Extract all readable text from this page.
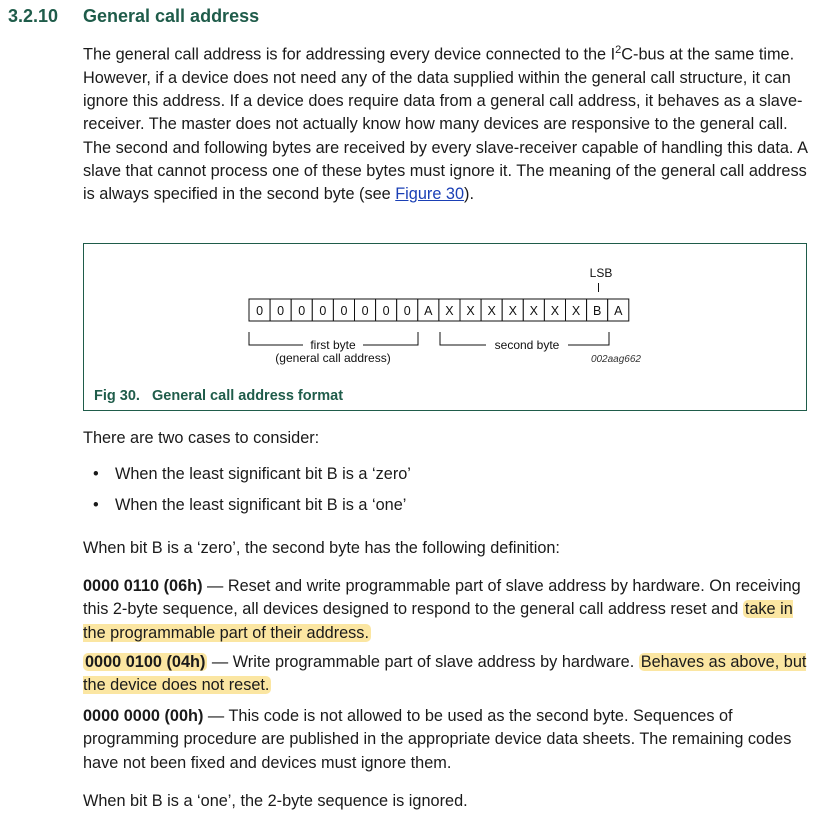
3.2.10 General call address
The general call address is for addressing every device connected to the $I^2C$-bus at the same time. However, if a device does not need any of the data supplied within the general call structure, it can ignore this address. If a device does require data from a general call address, it behaves as a slave-receiver. The master does not actually know how many devices are responsive to the general call. The second and following bytes are received by every slave-receiver capable of handling this data. A slave that cannot process one of these bytes must ignore it. The meaning of the general call address is always specified in the second byte (see Figure 30).
0 0 0 0 0 0 0 0 A X X X X X X X B A
LSB
first byte
(general call address)
second byte
002aag662
Fig 30. General call address format
There are two cases to consider:
• When the least significant bit B is a ‘zero’
• When the least significant bit B is a ‘one’
When bit B is a ‘zero’, the second byte has the following definition:
0000 0110 (06h) — Reset and write programmable part of slave address by hardware. On receiving this 2-byte sequence, all devices designed to respond to the general call address reset and take in the programmable part of their address.
0000 0100 (04h) — Write programmable part of slave address by hardware. Behaves as above, but the device does not reset.
0000 0000 (00h) — This code is not allowed to be used as the second byte. Sequences of programming procedure are published in the appropriate device data sheets. The remaining codes have not been fixed and devices must ignore them.
When bit B is a ‘one’, the 2-byte sequence is ignored.
